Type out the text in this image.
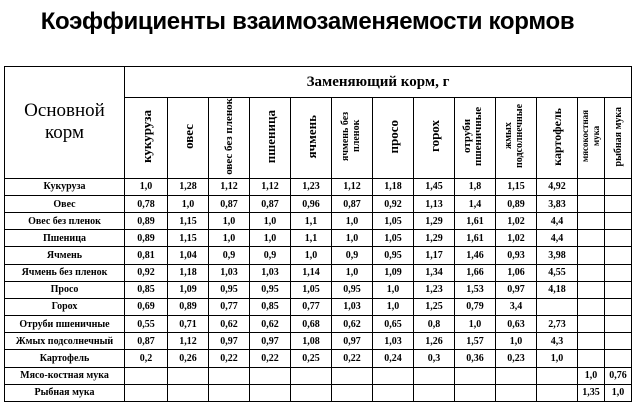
Коэффициенты взаимозаменяемости кормов
Основной корм	Заменяющий корм, г												
	кукуруза	овес	овес без пленок	пшеница	ячмень	ячмень без пленок	просо	горох	отруби пшеничные	жмых подсолнечные	картофель	мясокостная мука	рыбная мука
Кукуруза	1,0	1,28	1,12	1,12	1,23	1,12	1,18	1,45	1,8	1,15	4,92		
Овес	0,78	1,0	0,87	0,87	0,96	0,87	0,92	1,13	1,4	0,89	3,83		
Овес без пленок	0,89	1,15	1,0	1,0	1,1	1,0	1,05	1,29	1,61	1,02	4,4		
Пшеница	0,89	1,15	1,0	1,0	1,1	1,0	1,05	1,29	1,61	1,02	4,4		
Ячмень	0,81	1,04	0,9	0,9	1,0	0,9	0,95	1,17	1,46	0,93	3,98		
Ячмень без пленок	0,92	1,18	1,03	1,03	1,14	1,0	1,09	1,34	1,66	1,06	4,55		
Просо	0,85	1,09	0,95	0,95	1,05	0,95	1,0	1,23	1,53	0,97	4,18		
Горох	0,69	0,89	0,77	0,85	0,77	1,03	1,0	1,25	0,79	3,4			
Отруби пшеничные	0,55	0,71	0,62	0,62	0,68	0,62	0,65	0,8	1,0	0,63	2,73		
Жмых подсолнечный	0,87	1,12	0,97	0,97	1,08	0,97	1,03	1,26	1,57	1,0	4,3		
Картофель	0,2	0,26	0,22	0,22	0,25	0,22	0,24	0,3	0,36	0,23	1,0		
Мясо-костная мука												1,0	0,76
Рыбная мука												1,35	1,0
